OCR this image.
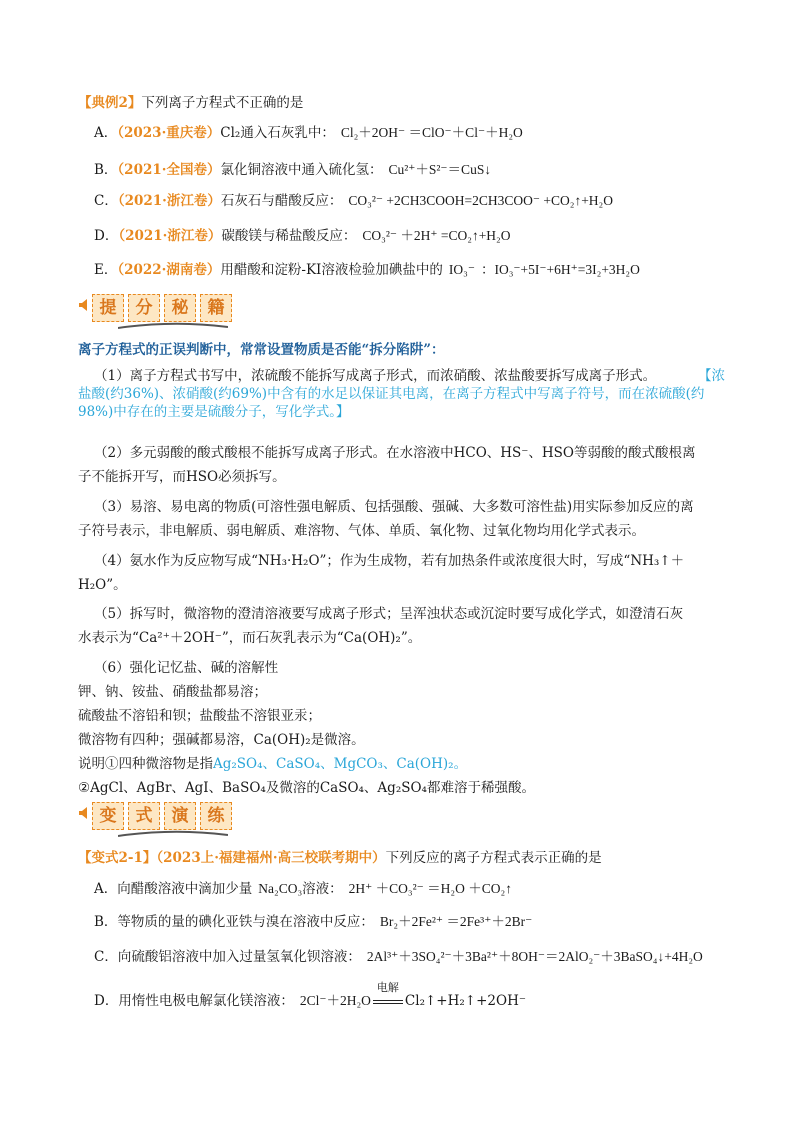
【典例2】下列离子方程式不正确的是
A．（2023·重庆卷）Cl₂通入石灰乳中： Cl₂＋2OH⁻ ＝ClO⁻＋Cl⁻＋H₂O
B．（2021·全国卷）氯化铜溶液中通入硫化氢： Cu²⁺＋S²⁻＝CuS↓
C．（2021·浙江卷）石灰石与醋酸反应： CO₃²⁻ +2CH3COOH=2CH3COO⁻ +CO₂↑+H₂O
D．（2021·浙江卷）碳酸镁与稀盐酸反应： CO₃²⁻ ＋2H⁺ =CO₂↑+H₂O
E．（2022·湖南卷）用醋酸和淀粉-KI溶液检验加碘盐中的 IO₃⁻ ：IO₃⁻+5I⁻+6H⁺=3I₂+3H₂O
提	分	秘	籍
离子方程式的正误判断中，常常设置物质是否能“拆分陷阱”：
（1）离子方程式书写中，浓硫酸不能拆写成离子形式，而浓硝酸、浓盐酸要拆写成离子形式。	【浓盐酸(约36%)、浓硝酸(约69%)中含有的水足以保证其电离，在离子方程式中写离子符号，而在浓硫酸(约98%)中存在的主要是硫酸分子，写化学式。】
（2）多元弱酸的酸式酸根不能拆写成离子形式。在水溶液中HCO、HS⁻、HSO等弱酸的酸式酸根离
子不能拆开写，而HSO必须拆写。
（3）易溶、易电离的物质(可溶性强电解质、包括强酸、强碱、大多数可溶性盐)用实际参加反应的离
子符号表示，非电解质、弱电解质、难溶物、气体、单质、氧化物、过氧化物均用化学式表示。
（4）氨水作为反应物写成“NH₃·H₂O”；作为生成物，若有加热条件或浓度很大时，写成“NH₃↑＋
H₂O”。
（5）拆写时，微溶物的澄清溶液要写成离子形式；呈浑浊状态或沉淀时要写成化学式，如澄清石灰
水表示为“Ca²⁺＋2OH⁻”，而石灰乳表示为“Ca(OH)₂”。
（6）强化记忆盐、碱的溶解性
钾、钠、铵盐、硝酸盐都易溶；
硫酸盐不溶铅和钡；盐酸盐不溶银亚汞；
微溶物有四种；强碱都易溶，Ca(OH)₂是微溶。
说明①四种微溶物是指Ag₂SO₄、CaSO₄、MgCO₃、Ca(OH)₂。
②AgCl、AgBr、AgI、BaSO₄及微溶的CaSO₄、Ag₂SO₄都难溶于稀强酸。
变	式	演	练
【变式2-1】（2023上·福建福州·高三校联考期中）下列反应的离子方程式表示正确的是
A．向醋酸溶液中滴加少量 Na₂CO₃溶液： 2H⁺ ＋CO₃²⁻ ＝H₂O ＋CO₂↑
B．等物质的量的碘化亚铁与溴在溶液中反应： Br₂＋2Fe²⁺ ＝2Fe³⁺＋2Br⁻
C．向硫酸铝溶液中加入过量氢氧化钡溶液： 2Al³⁺＋3SO₄²⁻＋3Ba²⁺＋8OH⁻＝2AlO₂⁻＋3BaSO₄↓+4H₂O
D．用惰性电极电解氯化镁溶液： 2Cl⁻＋2H₂O
电解
Cl₂↑+H₂↑+2OH⁻
